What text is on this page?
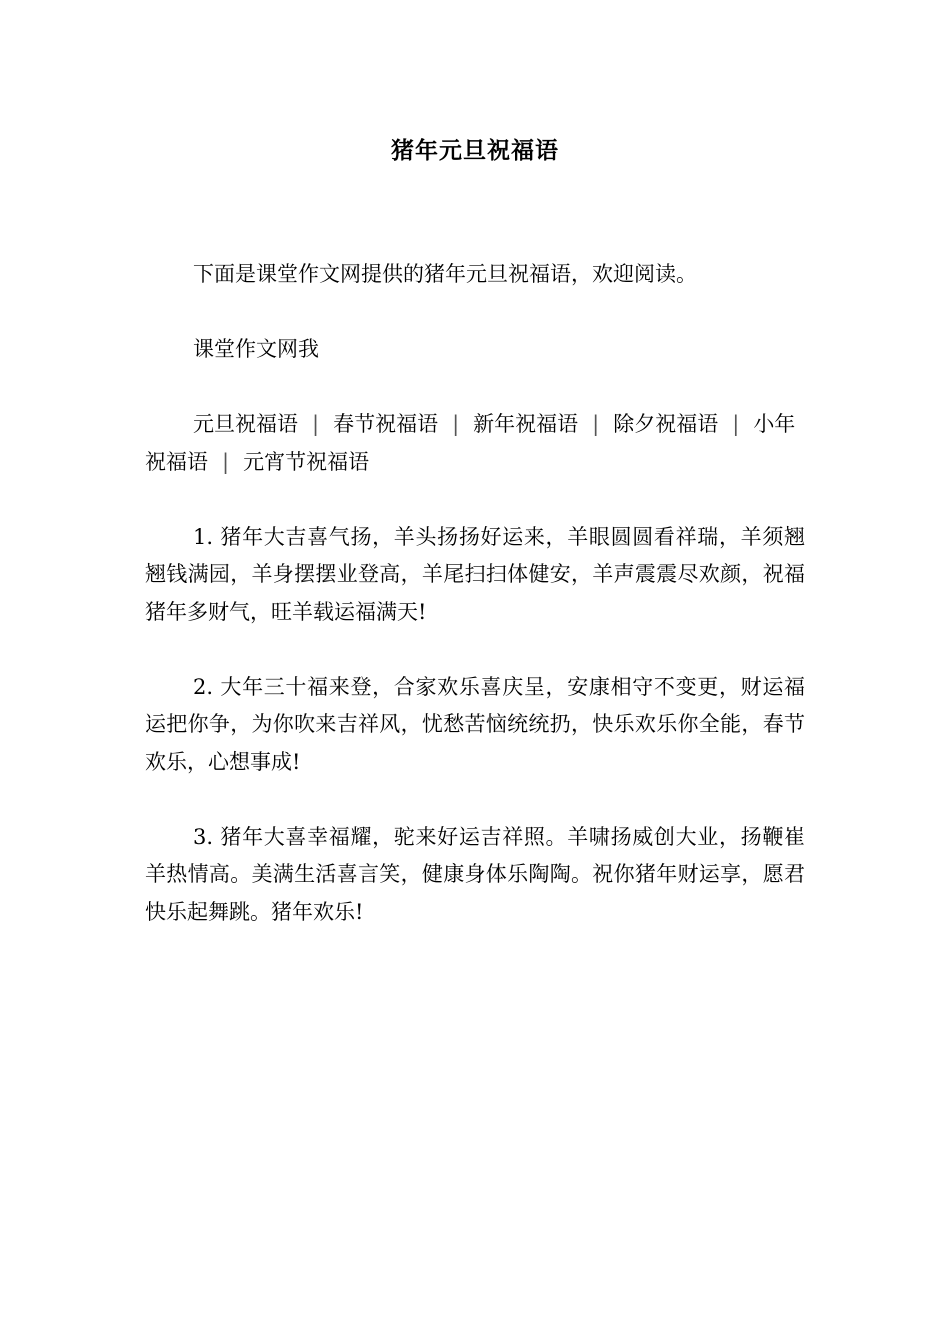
猪年元旦祝福语

下面是课堂作文网提供的猪年元旦祝福语，欢迎阅读。

课堂作文网我

元旦祝福语 | 春节祝福语 | 新年祝福语 | 除夕祝福语 | 小年祝福语 | 元宵节祝福语

1. 猪年大吉喜气扬，羊头扬扬好运来，羊眼圆圆看祥瑞，羊须翘翘钱满园，羊身摆摆业登高，羊尾扫扫体健安，羊声震震尽欢颜，祝福猪年多财气，旺羊载运福满天!

2. 大年三十福来登，合家欢乐喜庆呈，安康相守不变更，财运福运把你争，为你吹来吉祥风，忧愁苦恼统统扔，快乐欢乐你全能，春节欢乐，心想事成!

3. 猪年大喜幸福耀，驼来好运吉祥照。羊啸扬威创大业，扬鞭崔羊热情高。美满生活喜言笑，健康身体乐陶陶。祝你猪年财运享，愿君快乐起舞跳。猪年欢乐!
